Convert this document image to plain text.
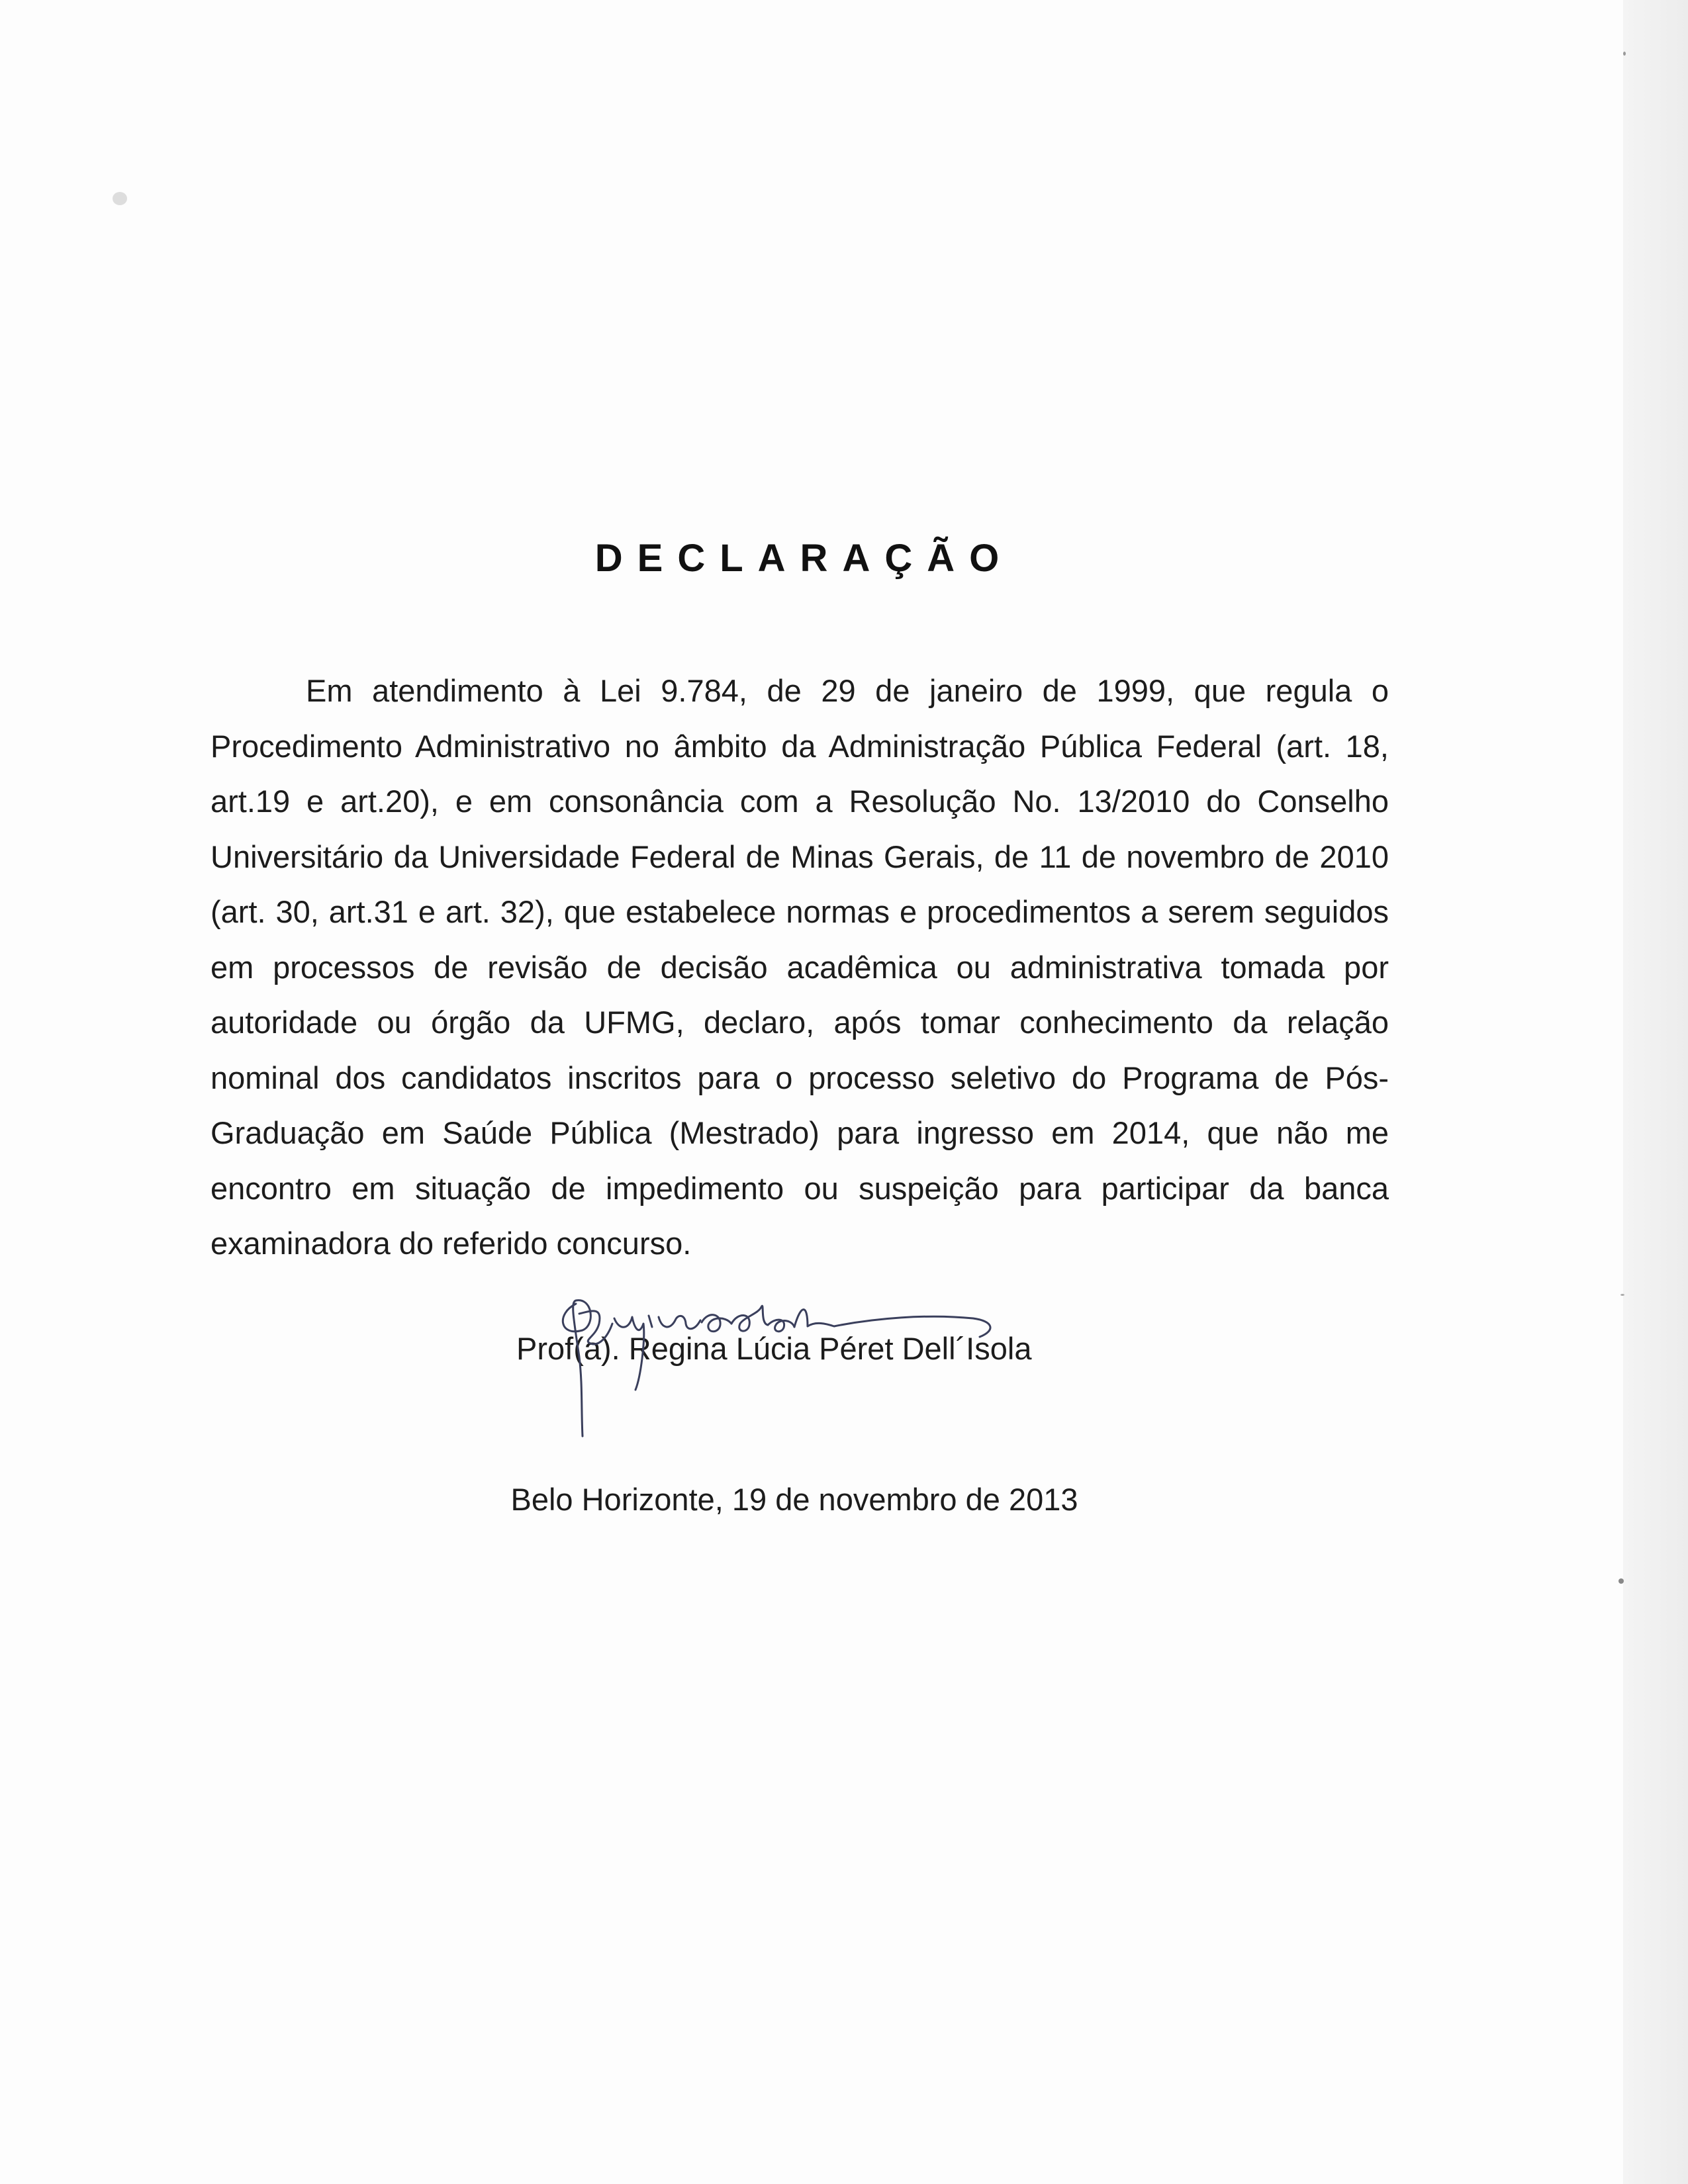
DECLARAÇÃO
Em atendimento à Lei 9.784, de 29 de janeiro de 1999, que regula o Procedimento Administrativo no âmbito da Administração Pública Federal (art. 18, art.19 e art.20), e em consonância com a Resolução No. 13/2010 do Conselho Universitário da Universidade Federal de Minas Gerais, de 11 de novembro de 2010 (art. 30, art.31 e art. 32), que estabelece normas e procedimentos a serem seguidos em processos de revisão de decisão acadêmica ou administrativa tomada por autoridade ou órgão da UFMG, declaro, após tomar conhecimento da relação nominal dos candidatos inscritos para o processo seletivo do Programa de Pós-Graduação em Saúde Pública (Mestrado) para ingresso em 2014, que não me encontro em situação de impedimento ou suspeição para participar da banca examinadora do referido concurso.
Prof(a). Regina Lúcia Péret Dell´Isola
Belo Horizonte, 19 de novembro de 2013
